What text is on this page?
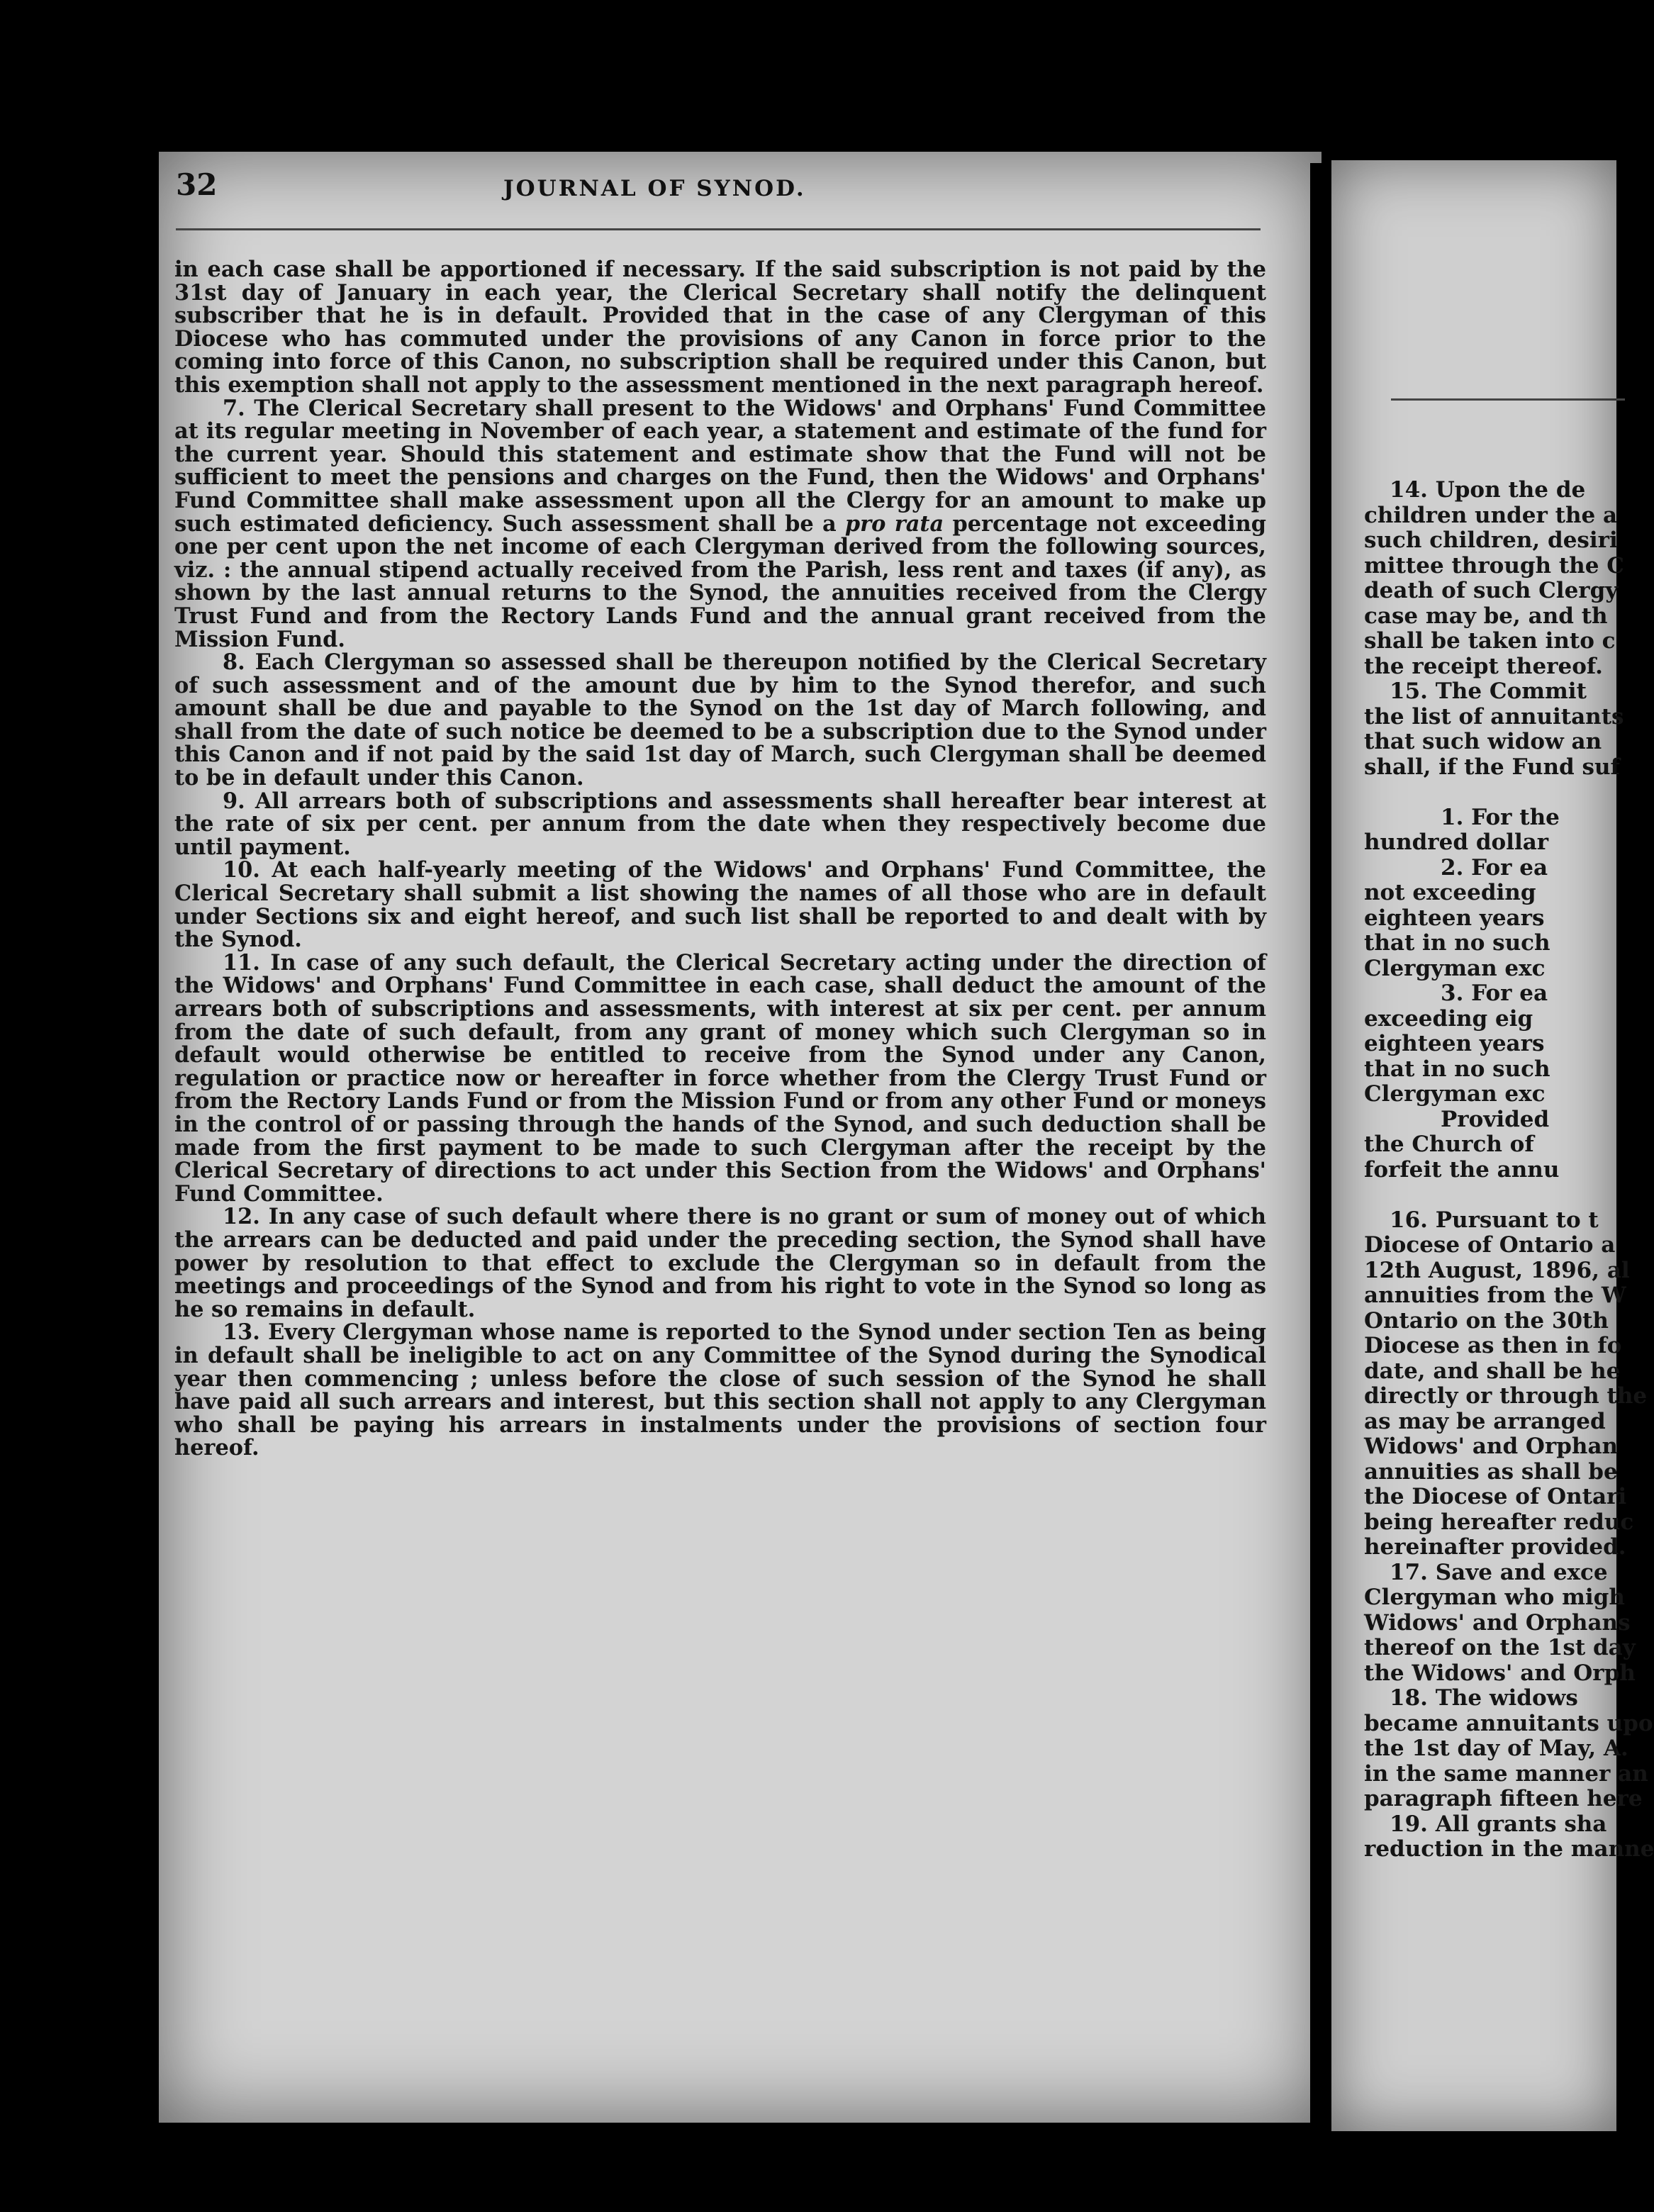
32	JOURNAL OF SYNOD.

in each case shall be apportioned if necessary. If the said subscription is not paid by the 31st day of January in each year, the Clerical Secretary shall notify the delinquent subscriber that he is in default. Provided that in the case of any Clergyman of this Diocese who has commuted under the provisions of any Canon in force prior to the coming into force of this Canon, no subscription shall be required under this Canon, but this exemption shall not apply to the assessment mentioned in the next paragraph hereof.

7. The Clerical Secretary shall present to the Widows' and Orphans' Fund Committee at its regular meeting in November of each year, a statement and estimate of the fund for the current year. Should this statement and estimate show that the Fund will not be sufficient to meet the pensions and charges on the Fund, then the Widows' and Orphans' Fund Committee shall make assessment upon all the Clergy for an amount to make up such estimated deficiency. Such assessment shall be a pro rata percentage not exceeding one per cent upon the net income of each Clergyman derived from the following sources, viz. : the annual stipend actually received from the Parish, less rent and taxes (if any), as shown by the last annual returns to the Synod, the annuities received from the Clergy Trust Fund and from the Rectory Lands Fund and the annual grant received from the Mission Fund.

8. Each Clergyman so assessed shall be thereupon notified by the Clerical Secretary of such assessment and of the amount due by him to the Synod therefor, and such amount shall be due and payable to the Synod on the 1st day of March following, and shall from the date of such notice be deemed to be a subscription due to the Synod under this Canon and if not paid by the said 1st day of March, such Clergyman shall be deemed to be in default under this Canon.

9. All arrears both of subscriptions and assessments shall hereafter bear interest at the rate of six per cent. per annum from the date when they respectively become due until payment.

10. At each half-yearly meeting of the Widows' and Orphans' Fund Committee, the Clerical Secretary shall submit a list showing the names of all those who are in default under Sections six and eight hereof, and such list shall be reported to and dealt with by the Synod.

11. In case of any such default, the Clerical Secretary acting under the direction of the Widows' and Orphans' Fund Committee in each case, shall deduct the amount of the arrears both of subscriptions and assessments, with interest at six per cent. per annum from the date of such default, from any grant of money which such Clergyman so in default would otherwise be entitled to receive from the Synod under any Canon, regulation or practice now or hereafter in force whether from the Clergy Trust Fund or from the Rectory Lands Fund or from the Mission Fund or from any other Fund or moneys in the control of or passing through the hands of the Synod, and such deduction shall be made from the first payment to be made to such Clergyman after the receipt by the Clerical Secretary of directions to act under this Section from the Widows' and Orphans' Fund Committee.

12. In any case of such default where there is no grant or sum of money out of which the arrears can be deducted and paid under the preceding section, the Synod shall have power by resolution to that effect to exclude the Clergyman so in default from the meetings and proceedings of the Synod and from his right to vote in the Synod so long as he so remains in default.

13. Every Clergyman whose name is reported to the Synod under section Ten as being in default shall be ineligible to act on any Committee of the Synod during the Synodical year then commencing ; unless before the close of such session of the Synod he shall have paid all such arrears and interest, but this section shall not apply to any Clergyman who shall be paying his arrears in instalments under the provisions of section four hereof.

14. Upon the de
children under the a
such children, desiri
mittee through the C
death of such Clergy
case may be, and th
shall be taken into c
the receipt thereof.
15. The Commit
the list of annuitants
that such widow an
shall, if the Fund suf
1. For the
hundred dollar
2. For ea
not exceeding
eighteen years
that in no such
Clergyman exc
3. For ea
exceeding eig
eighteen years
that in no such
Clergyman exc
Provided
the Church of
forfeit the annu
16. Pursuant to t
Diocese of Ontario a
12th August, 1896, al
annuities from the W
Ontario on the 30th
Diocese as then in fo
date, and shall be he
directly or through the
as may be arranged
Widows' and Orphan
annuities as shall be
the Diocese of Ontari
being hereafter reduc
hereinafter provided.
17. Save and exce
Clergyman who migh
Widows' and Orphans
thereof on the 1st day
the Widows' and Orph
18. The widows
became annuitants upo
the 1st day of May, A.
in the same manner an
paragraph fifteen here
19. All grants sha
reduction in the manne
